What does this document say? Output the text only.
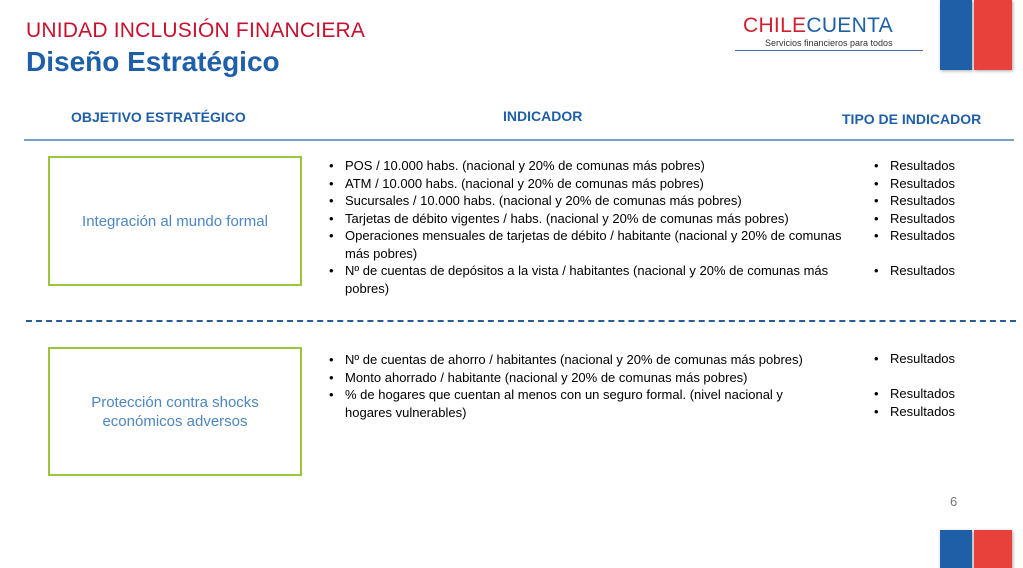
UNIDAD INCLUSIÓN FINANCIERA
Diseño Estratégico
CHILECUENTA
Servicios financieros para todos
OBJETIVO ESTRATÉGICO	INDICADOR	TIPO DE INDICADOR
Integración al mundo formal
• POS / 10.000 habs. (nacional y 20% de comunas más pobres)
• ATM / 10.000 habs. (nacional y 20% de comunas más pobres)
• Sucursales / 10.000 habs. (nacional y 20% de comunas más pobres)
• Tarjetas de débito vigentes / habs. (nacional y 20% de comunas más pobres)
• Operaciones mensuales de tarjetas de débito / habitante (nacional y 20% de comunas más pobres)
• Nº de cuentas de depósitos a la vista / habitantes (nacional y 20% de comunas más pobres)
• Resultados
• Resultados
• Resultados
• Resultados
• Resultados
• Resultados
Protección contra shocks económicos adversos
• Nº de cuentas de ahorro / habitantes (nacional y 20% de comunas más pobres)
• Monto ahorrado / habitante (nacional y 20% de comunas más pobres)
• % de hogares que cuentan al menos con un seguro formal. (nivel nacional y hogares vulnerables)
• Resultados
• Resultados
• Resultados
6
